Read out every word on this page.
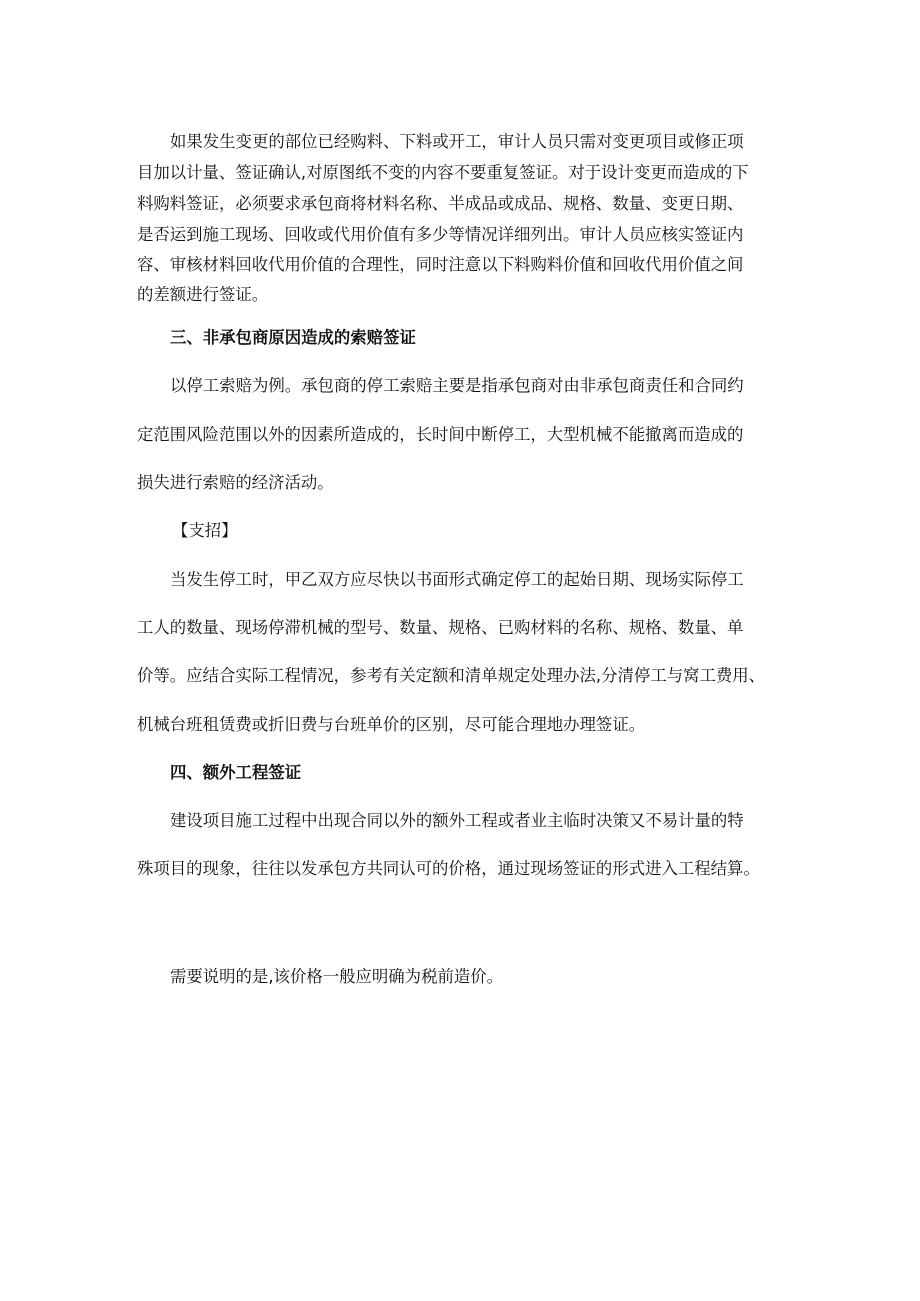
如果发生变更的部位已经购料、下料或开工，审计人员只需对变更项目或修正项
目加以计量、签证确认,对原图纸不变的内容不要重复签证。对于设计变更而造成的下
料购料签证，必须要求承包商将材料名称、半成品或成品、规格、数量、变更日期、
是否运到施工现场、回收或代用价值有多少等情况详细列出。审计人员应核实签证内
容、审核材料回收代用价值的合理性，同时注意以下料购料价值和回收代用价值之间
的差额进行签证。
三、非承包商原因造成的索赔签证
以停工索赔为例。承包商的停工索赔主要是指承包商对由非承包商责任和合同约
定范围风险范围以外的因素所造成的，长时间中断停工，大型机械不能撤离而造成的
损失进行索赔的经济活动。
【支招】
当发生停工时，甲乙双方应尽快以书面形式确定停工的起始日期、现场实际停工
工人的数量、现场停滞机械的型号、数量、规格、已购材料的名称、规格、数量、单
价等。应结合实际工程情况，参考有关定额和清单规定处理办法,分清停工与窝工费用、
机械台班租赁费或折旧费与台班单价的区别，尽可能合理地办理签证。
四、额外工程签证
建设项目施工过程中出现合同以外的额外工程或者业主临时决策又不易计量的特
殊项目的现象，往往以发承包方共同认可的价格，通过现场签证的形式进入工程结算。
需要说明的是,该价格一般应明确为税前造价。
